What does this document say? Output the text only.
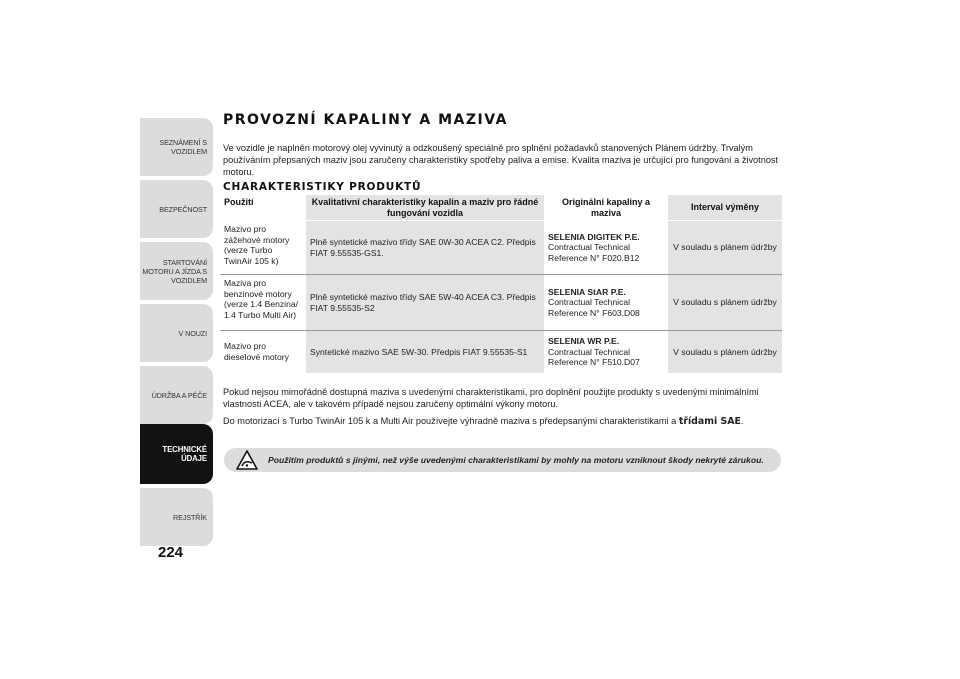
SEZNÁMENÍ S VOZIDLEM
BEZPEČNOST
STARTOVÁNÍ MOTORU A JÍZDA S VOZIDLEM
V NOUZI
ÚDRŽBA A PÉČE
TECHNICKÉ ÚDAJE
REJSTŘÍK
224
PROVOZNÍ KAPALINY A MAZIVA

Ve vozidle je naplněn motorový olej vyvinutý a odzkoušený speciálně pro splnění požadavků stanovených Plánem údržby. Trvalým používáním přepsaných maziv jsou zaručeny charakteristiky spotřeby paliva a emise. Kvalita maziva je určující pro fungování a životnost motoru.

CHARAKTERISTIKY PRODUKTŮ
Použití	Kvalitativní charakteristiky kapalin a maziv pro řádné fungování vozidla	Originální kapaliny a maziva	Interval výměny
Mazivo pro zážehové motory (verze Turbo TwinAir 105 k)	Plně syntetické mazivo třídy SAE 0W-30 ACEA C2. Předpis FIAT 9.55535-GS1.	SELENIA DIGITEK P.E.
Contractual Technical
Reference N° F020.B12	V souladu s plánem údržby
Maziva pro benzinové motory (verze 1.4 Benzina/ 1.4 Turbo Multi Air)	Plně syntetické mazivo třídy SAE 5W-40 ACEA C3. Předpis FIAT 9.55535-S2	SELENIA StAR P.E.
Contractual Technical
Reference N° F603.D08	V souladu s plánem údržby
Mazivo pro dieselové motory	Syntetické mazivo SAE 5W-30. Předpis FIAT 9.55535-S1	SELENIA WR P.E.
Contractual Technical
Reference N° F510.D07	V souladu s plánem údržby

Pokud nejsou mimořádně dostupná maziva s uvedenými charakteristikami, pro doplnění použijte produkty s uvedenými minimálními vlastnosti ACEA, ale v takovém případě nejsou zaručeny optimální výkony motoru.

Do motorizací s Turbo TwinAir 105 k a Multi Air používejte výhradně maziva s předepsanými charakteristikami a třídami SAE.

Použitím produktů s jinými, než výše uvedenými charakteristikami by mohly na motoru vzniknout škody nekryté zárukou.
